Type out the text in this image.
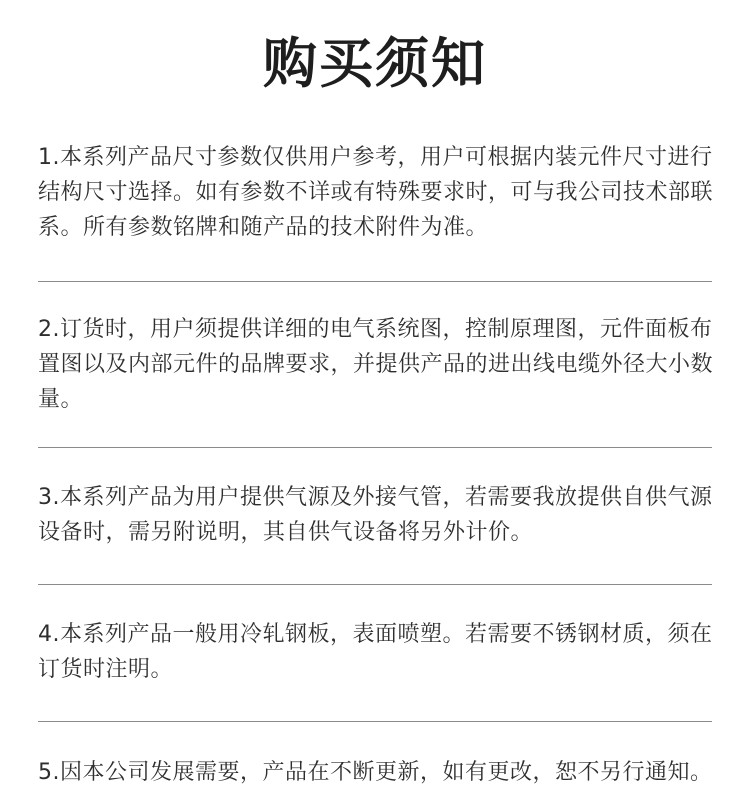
购买须知
1.本系列产品尺寸参数仅供用户参考，用户可根据内装元件尺寸进行结构尺寸选择。如有参数不详或有特殊要求时，可与我公司技术部联系。所有参数铭牌和随产品的技术附件为准。
2.订货时，用户须提供详细的电气系统图，控制原理图，元件面板布置图以及内部元件的品牌要求，并提供产品的进出线电缆外径大小数量。
3.本系列产品为用户提供气源及外接气管，若需要我放提供自供气源设备时，需另附说明，其自供气设备将另外计价。
4.本系列产品一般用冷轧钢板，表面喷塑。若需要不锈钢材质，须在订货时注明。
5.因本公司发展需要，产品在不断更新，如有更改，恕不另行通知。
